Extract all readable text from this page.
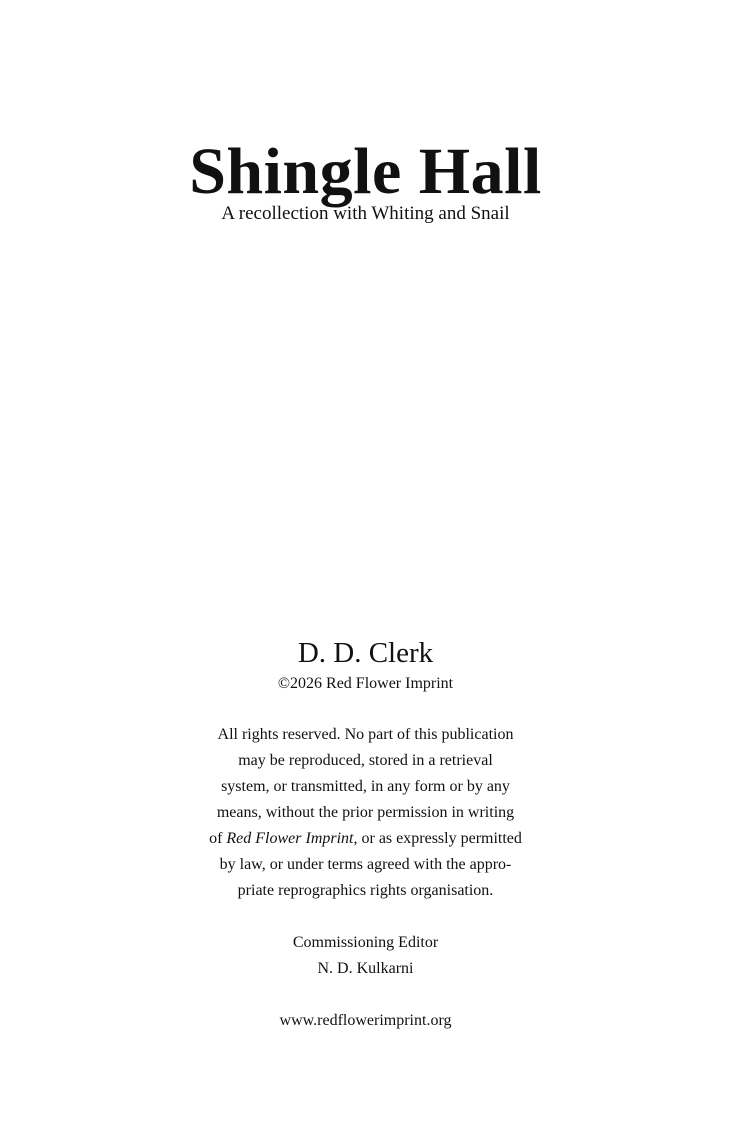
Shingle Hall

A recollection with Whiting and Snail

D. D. Clerk

©2026 Red Flower Imprint

All rights reserved. No part of this publication
may be reproduced, stored in a retrieval
system, or transmitted, in any form or by any
means, without the prior permission in writing
of Red Flower Imprint, or as expressly permitted
by law, or under terms agreed with the appro-
priate reprographics rights organisation.

Commissioning Editor

N. D. Kulkarni

www.redflowerimprint.org
